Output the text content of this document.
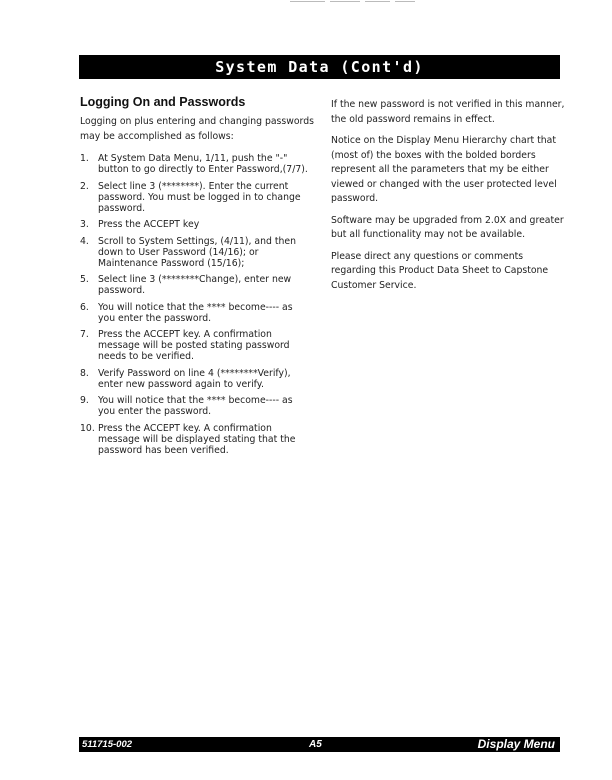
System Data (Cont'd)
Logging On and Passwords

Logging on plus entering and changing passwords may be accomplished as follows:

1. At System Data Menu, 1/11, push the "-" button to go directly to Enter Password,(7/7).
2. Select line 3 (********). Enter the current password. You must be logged in to change password.
3. Press the ACCEPT key
4. Scroll to System Settings, (4/11), and then down to User Password (14/16); or Maintenance Password (15/16);
5. Select line 3 (********Change), enter new password.
6. You will notice that the **** become---- as you enter the password.
7. Press the ACCEPT key. A confirmation message will be posted stating password needs to be verified.
8. Verify Password on line 4 (********Verify), enter new password again to verify.
9. You will notice that the **** become---- as you enter the password.
10. Press the ACCEPT key. A confirmation message will be displayed stating that the password has been verified.

If the new password is not verified in this manner, the old password remains in effect.

Notice on the Display Menu Hierarchy chart that (most of) the boxes with the bolded borders represent all the parameters that my be either viewed or changed with the user protected level password.

Software may be upgraded from 2.0X and greater but all functionality may not be available.

Please direct any questions or comments regarding this Product Data Sheet to Capstone Customer Service.

511715-002	A5	Display Menu
